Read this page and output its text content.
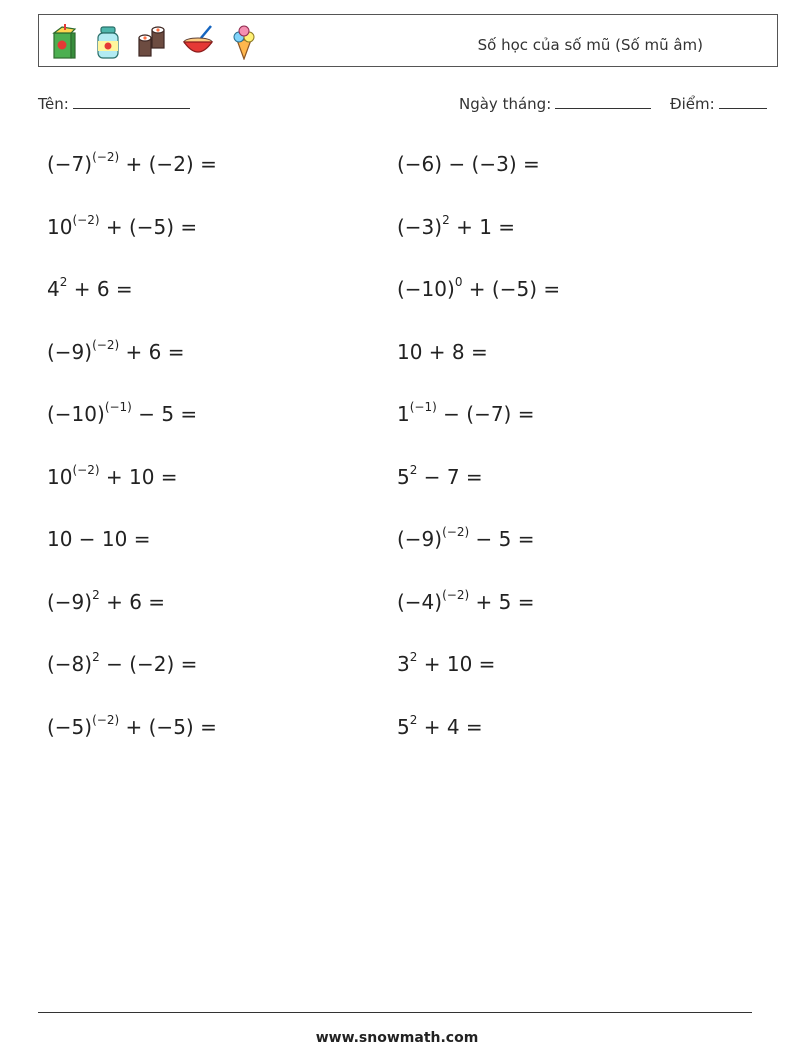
Số học của số mũ (Số mũ âm)
Tên:	Ngày tháng:	Điểm:
$(-7)^{(-2)} + (-2)$ =
$10^{(-2)} + (-5)$ =
$4^2 + 6$ =
$(-9)^{(-2)} + 6$ =
$(-10)^{(-1)} - 5$ =
$10^{(-2)} + 10$ =
10 − 10 =
$(-9)^2 + 6$ =
$(-8)^2 - (-2)$ =
$(-5)^{(-2)} + (-5)$ =
(−6) − (−3) =
$(-3)^2 + 1$ =
$(-10)^0 + (-5)$ =
10 + 8 =
$1^{(-1)} - (-7)$ =
$5^2 - 7$ =
$(-9)^{(-2)} - 5$ =
$(-4)^{(-2)} + 5$ =
$3^2 + 10$ =
$5^2 + 4$ =
www.snowmath.com
